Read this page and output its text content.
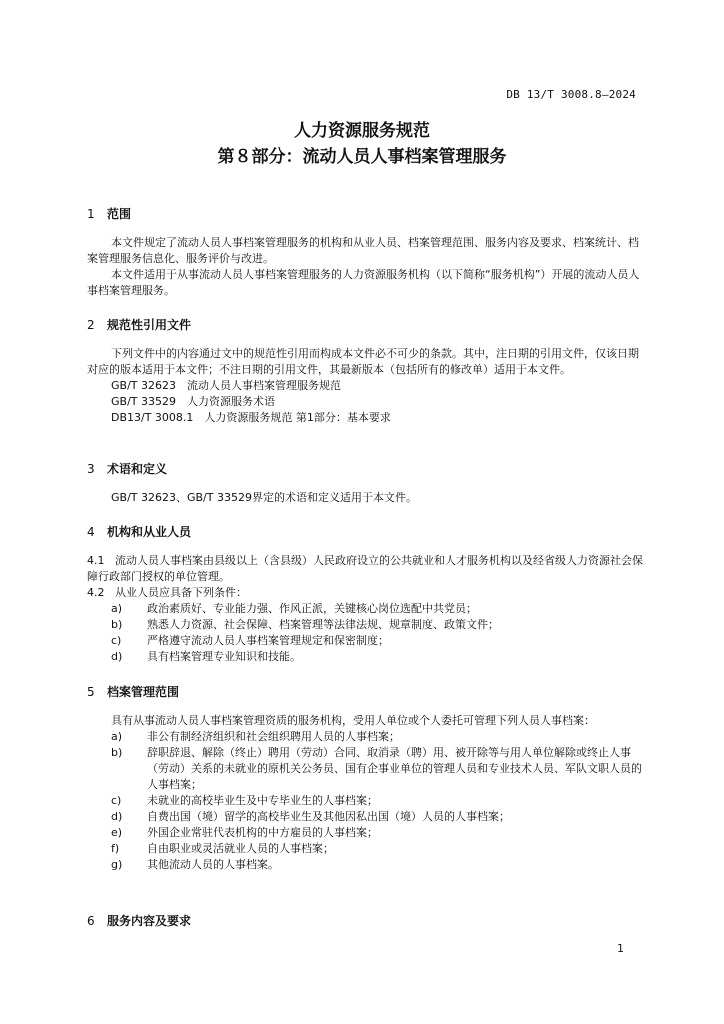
DB 13/T 3008.8—2024
人力资源服务规范
第８部分：流动人员人事档案管理服务
1 范围
本文件规定了流动人员人事档案管理服务的机构和从业人员、档案管理范围、服务内容及要求、档案统计、档案管理服务信息化、服务评价与改进。
本文件适用于从事流动人员人事档案管理服务的人力资源服务机构（以下简称“服务机构”）开展的流动人员人事档案管理服务。
2 规范性引用文件
下列文件中的内容通过文中的规范性引用而构成本文件必不可少的条款。其中，注日期的引用文件，仅该日期对应的版本适用于本文件；不注日期的引用文件，其最新版本（包括所有的修改单）适用于本文件。
GB/T 32623　流动人员人事档案管理服务规范
GB/T 33529　人力资源服务术语
DB13/T 3008.1　人力资源服务规范 第1部分：基本要求
3 术语和定义
GB/T 32623、GB/T 33529界定的术语和定义适用于本文件。
4 机构和从业人员
4.1 流动人员人事档案由县级以上（含县级）人民政府设立的公共就业和人才服务机构以及经省级人力资源社会保障行政部门授权的单位管理。
4.2 从业人员应具备下列条件：
a)	政治素质好、专业能力强、作风正派，关键核心岗位选配中共党员；
b)	熟悉人力资源、社会保障、档案管理等法律法规、规章制度、政策文件；
c)	严格遵守流动人员人事档案管理规定和保密制度；
d)	具有档案管理专业知识和技能。
5 档案管理范围
具有从事流动人员人事档案管理资质的服务机构，受用人单位或个人委托可管理下列人员人事档案：
a)	非公有制经济组织和社会组织聘用人员的人事档案；
b)	辞职辞退、解除（终止）聘用（劳动）合同、取消录（聘）用、被开除等与用人单位解除或终止人事（劳动）关系的未就业的原机关公务员、国有企事业单位的管理人员和专业技术人员、军队文职人员的人事档案；
c)	未就业的高校毕业生及中专毕业生的人事档案；
d)	自费出国（境）留学的高校毕业生及其他因私出国（境）人员的人事档案；
e)	外国企业常驻代表机构的中方雇员的人事档案；
f)	自由职业或灵活就业人员的人事档案；
g)	其他流动人员的人事档案。
6 服务内容及要求
1
